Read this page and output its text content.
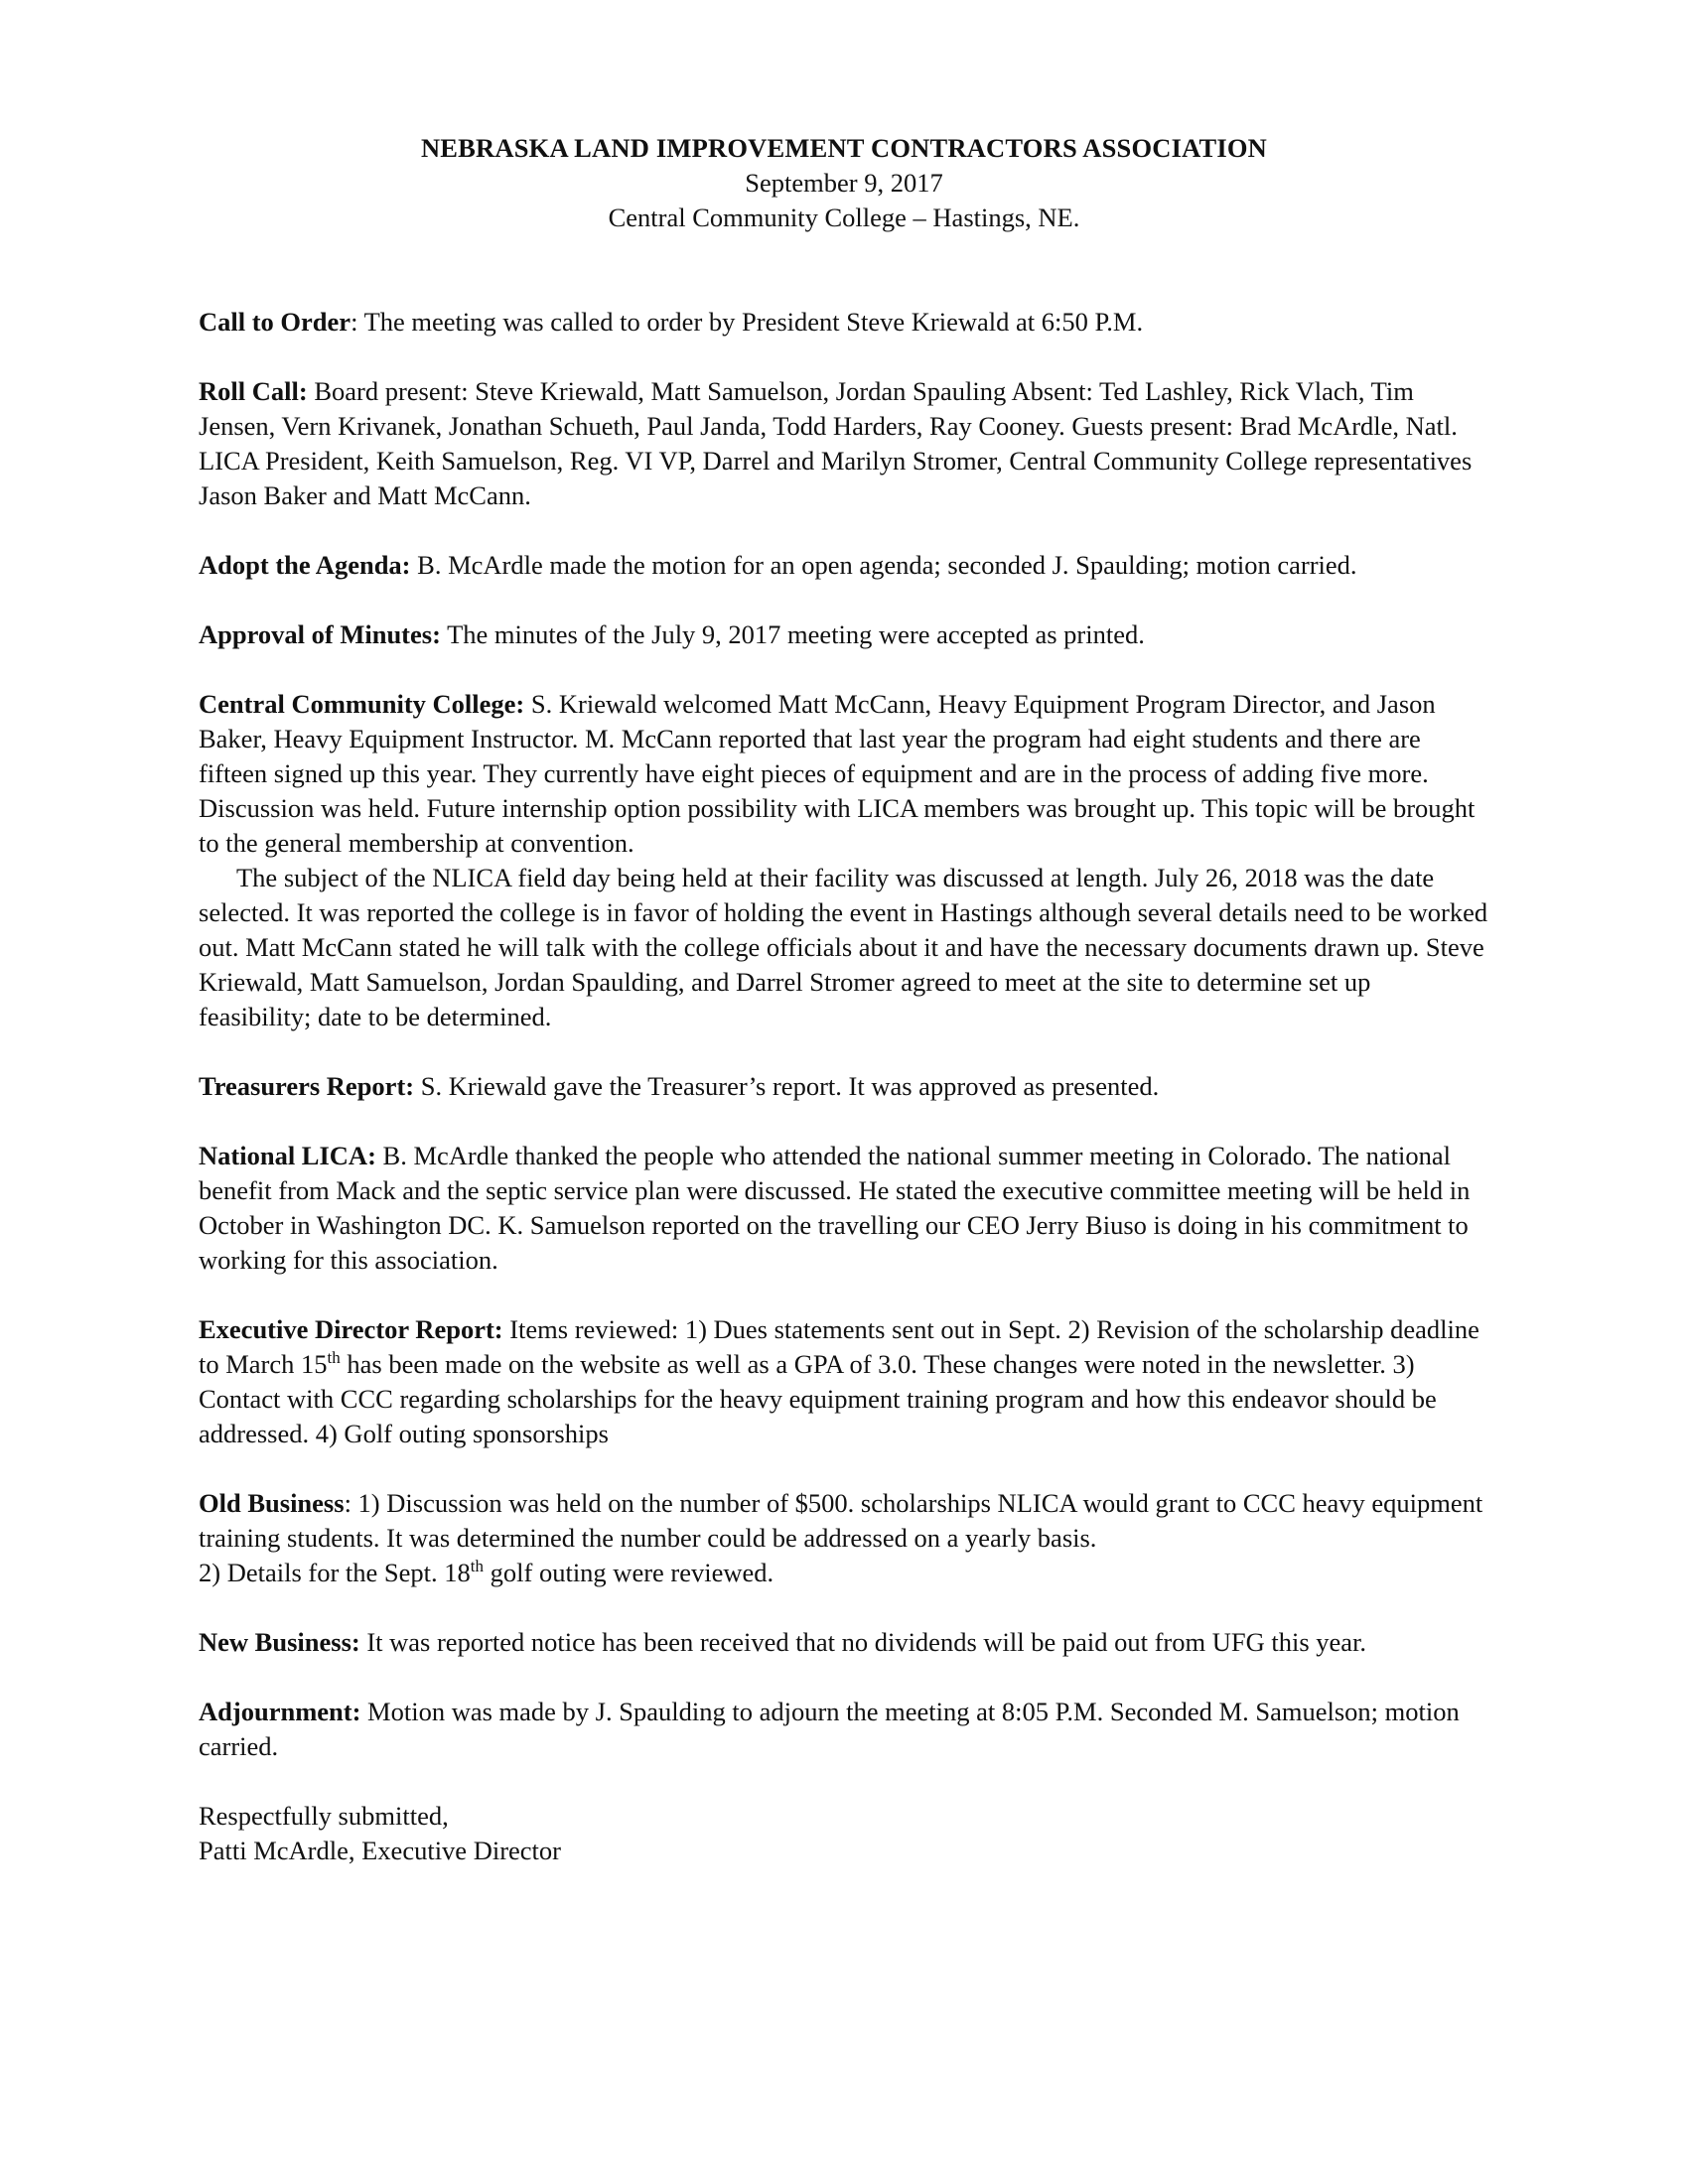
NEBRASKA LAND IMPROVEMENT CONTRACTORS ASSOCIATION
September 9, 2017
Central Community College – Hastings, NE.

Call to Order: The meeting was called to order by President Steve Kriewald at 6:50 P.M.

Roll Call: Board present: Steve Kriewald, Matt Samuelson, Jordan Spauling Absent: Ted Lashley, Rick Vlach, Tim Jensen, Vern Krivanek, Jonathan Schueth, Paul Janda, Todd Harders, Ray Cooney. Guests present: Brad McArdle, Natl. LICA President, Keith Samuelson, Reg. VI VP, Darrel and Marilyn Stromer, Central Community College representatives Jason Baker and Matt McCann.

Adopt the Agenda: B. McArdle made the motion for an open agenda; seconded J. Spaulding; motion carried.

Approval of Minutes: The minutes of the July 9, 2017 meeting were accepted as printed.

Central Community College: S. Kriewald welcomed Matt McCann, Heavy Equipment Program Director, and Jason Baker, Heavy Equipment Instructor. M. McCann reported that last year the program had eight students and there are fifteen signed up this year. They currently have eight pieces of equipment and are in the process of adding five more. Discussion was held. Future internship option possibility with LICA members was brought up. This topic will be brought to the general membership at convention.

The subject of the NLICA field day being held at their facility was discussed at length. July 26, 2018 was the date selected. It was reported the college is in favor of holding the event in Hastings although several details need to be worked out. Matt McCann stated he will talk with the college officials about it and have the necessary documents drawn up. Steve Kriewald, Matt Samuelson, Jordan Spaulding, and Darrel Stromer agreed to meet at the site to determine set up feasibility; date to be determined.

Treasurers Report: S. Kriewald gave the Treasurer’s report. It was approved as presented.

National LICA: B. McArdle thanked the people who attended the national summer meeting in Colorado. The national benefit from Mack and the septic service plan were discussed. He stated the executive committee meeting will be held in October in Washington DC. K. Samuelson reported on the travelling our CEO Jerry Biuso is doing in his commitment to working for this association.

Executive Director Report: Items reviewed: 1) Dues statements sent out in Sept. 2) Revision of the scholarship deadline to March 15th has been made on the website as well as a GPA of 3.0. These changes were noted in the newsletter. 3) Contact with CCC regarding scholarships for the heavy equipment training program and how this endeavor should be addressed. 4) Golf outing sponsorships

Old Business: 1) Discussion was held on the number of $500. scholarships NLICA would grant to CCC heavy equipment training students. It was determined the number could be addressed on a yearly basis.

2) Details for the Sept. 18th golf outing were reviewed.

New Business: It was reported notice has been received that no dividends will be paid out from UFG this year.

Adjournment: Motion was made by J. Spaulding to adjourn the meeting at 8:05 P.M. Seconded M. Samuelson; motion carried.

Respectfully submitted,

Patti McArdle, Executive Director
